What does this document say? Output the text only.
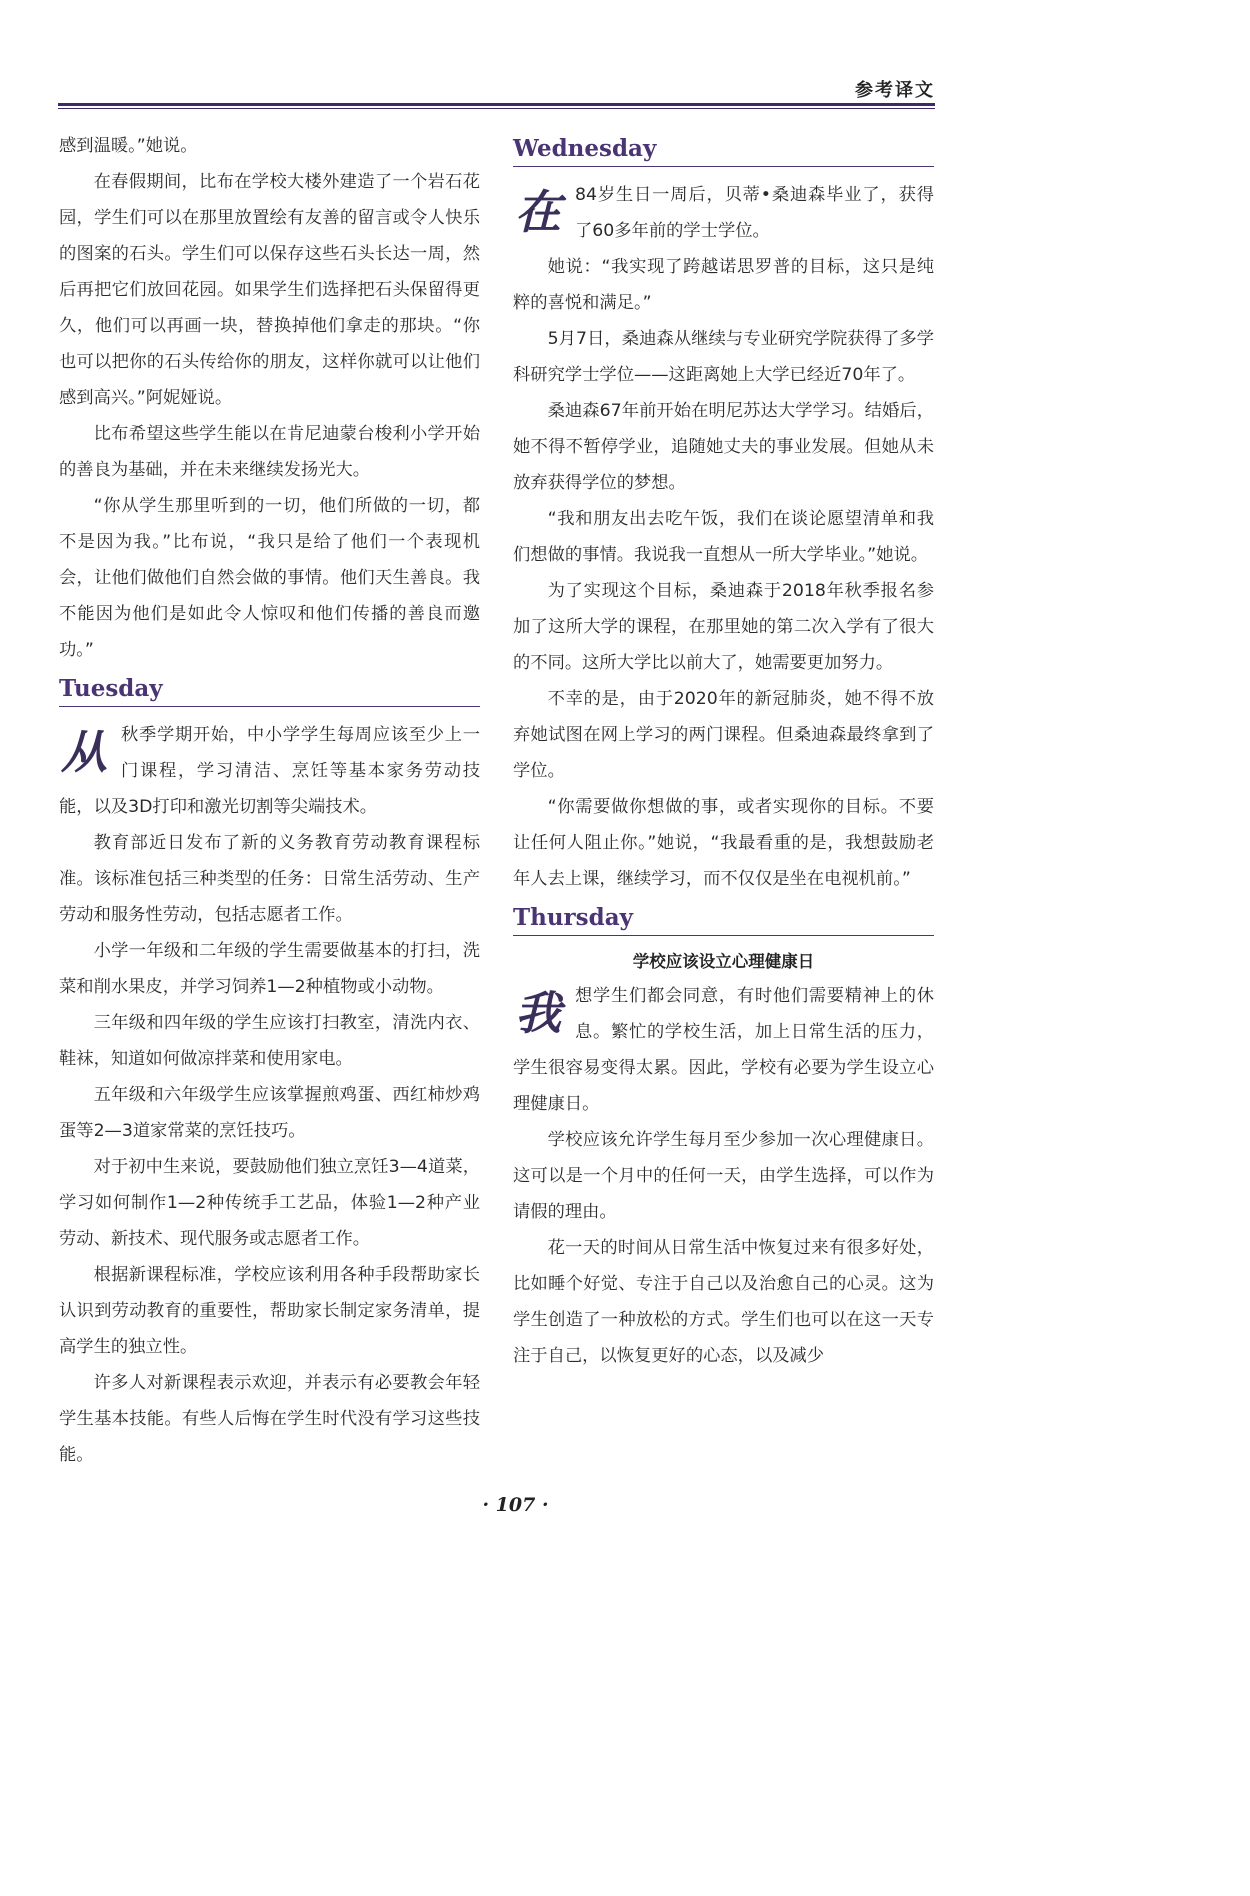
参考译文

感到温暖。”她说。

在春假期间，比布在学校大楼外建造了一个岩石花园，学生们可以在那里放置绘有友善的留言或令人快乐的图案的石头。学生们可以保存这些石头长达一周，然后再把它们放回花园。如果学生们选择把石头保留得更久，他们可以再画一块，替换掉他们拿走的那块。“你也可以把你的石头传给你的朋友，这样你就可以让他们感到高兴。”阿妮娅说。

比布希望这些学生能以在肯尼迪蒙台梭利小学开始的善良为基础，并在未来继续发扬光大。

“你从学生那里听到的一切，他们所做的一切，都不是因为我。”比布说，“我只是给了他们一个表现机会，让他们做他们自然会做的事情。他们天生善良。我不能因为他们是如此令人惊叹和他们传播的善良而邀功。”

Tuesday

从秋季学期开始，中小学学生每周应该至少上一门课程，学习清洁、烹饪等基本家务劳动技能，以及3D打印和激光切割等尖端技术。

教育部近日发布了新的义务教育劳动教育课程标准。该标准包括三种类型的任务：日常生活劳动、生产劳动和服务性劳动，包括志愿者工作。

小学一年级和二年级的学生需要做基本的打扫，洗菜和削水果皮，并学习饲养1—2种植物或小动物。

三年级和四年级的学生应该打扫教室，清洗内衣、鞋袜，知道如何做凉拌菜和使用家电。

五年级和六年级学生应该掌握煎鸡蛋、西红柿炒鸡蛋等2—3道家常菜的烹饪技巧。

对于初中生来说，要鼓励他们独立烹饪3—4道菜，学习如何制作1—2种传统手工艺品，体验1—2种产业劳动、新技术、现代服务或志愿者工作。

根据新课程标准，学校应该利用各种手段帮助家长认识到劳动教育的重要性，帮助家长制定家务清单，提高学生的独立性。

许多人对新课程表示欢迎，并表示有必要教会年轻学生基本技能。有些人后悔在学生时代没有学习这些技能。

Wednesday

在 84岁生日一周后，贝蒂•桑迪森毕业了，获得了60多年前的学士学位。

她说：“我实现了跨越诺思罗普的目标，这只是纯粹的喜悦和满足。”

5月7日，桑迪森从继续与专业研究学院获得了多学科研究学士学位——这距离她上大学已经近70年了。

桑迪森67年前开始在明尼苏达大学学习。结婚后，她不得不暂停学业，追随她丈夫的事业发展。但她从未放弃获得学位的梦想。

“我和朋友出去吃午饭，我们在谈论愿望清单和我们想做的事情。我说我一直想从一所大学毕业。”她说。

为了实现这个目标，桑迪森于2018年秋季报名参加了这所大学的课程，在那里她的第二次入学有了很大的不同。这所大学比以前大了，她需要更加努力。

不幸的是，由于2020年的新冠肺炎，她不得不放弃她试图在网上学习的两门课程。但桑迪森最终拿到了学位。

“你需要做你想做的事，或者实现你的目标。不要让任何人阻止你。”她说，“我最看重的是，我想鼓励老年人去上课，继续学习，而不仅仅是坐在电视机前。”

Thursday
学校应该设立心理健康日

我想学生们都会同意，有时他们需要精神上的休息。繁忙的学校生活，加上日常生活的压力，学生很容易变得太累。因此，学校有必要为学生设立心理健康日。

学校应该允许学生每月至少参加一次心理健康日。这可以是一个月中的任何一天，由学生选择，可以作为请假的理由。

花一天的时间从日常生活中恢复过来有很多好处，比如睡个好觉、专注于自己以及治愈自己的心灵。这为学生创造了一种放松的方式。学生们也可以在这一天专注于自己，以恢复更好的心态，以及减少

· 107 ·
